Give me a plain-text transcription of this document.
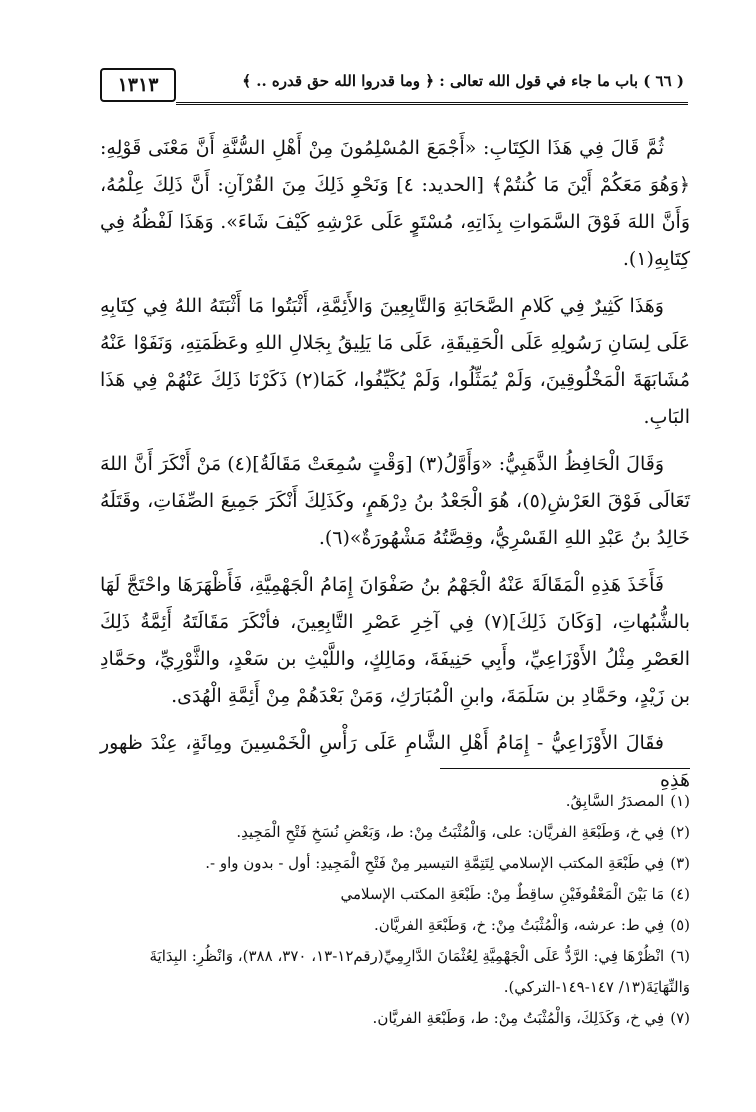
( ٦٦ ) باب ما جاء في قول الله تعالى : ﴿ وما قدروا الله حق قدره .. ﴾
١٣١٣

ثُمَّ قَالَ فِي هَذَا الكِتَابِ: «أَجْمَعَ المُسْلِمُونَ مِنْ أَهْلِ السُّنَّةِ أَنَّ مَعْنَى قَوْلِهِ: ﴿وَهُوَ مَعَكُمْ أَيْنَ مَا كُنتُمْ﴾ [الحديد: ٤] وَنَحْوِ ذَلِكَ مِنَ القُرْآنِ: أَنَّ ذَلِكَ عِلْمُهُ، وَأَنَّ اللهَ فَوْقَ السَّمَواتِ بِذَاتِهِ، مُسْتَوٍ عَلَى عَرْشِهِ كَيْفَ شَاءَ». وَهَذَا لَفْظُهُ فِي كِتَابِهِ(١).

وَهَذَا كَثِيرٌ فِي كَلامِ الصَّحَابَةِ وَالتَّابِعِينَ وَالأَئِمَّةِ، أَثْبَتُوا مَا أَثْبَتَهُ اللهُ فِي كِتَابِهِ عَلَى لِسَانِ رَسُولِهِ عَلَى الْحَقِيقَةِ، عَلَى مَا يَلِيقُ بِجَلالِ اللهِ وعَظَمَتِهِ، وَنَفَوْا عَنْهُ مُشَابَهَةَ الْمَخْلُوقِينَ، وَلَمْ يُمَثِّلُوا، وَلَمْ يُكَيِّفُوا، كَمَا(٢) ذَكَرْنَا ذَلِكَ عَنْهُمْ فِي هَذَا البَابِ.

وَقَالَ الْحَافِظُ الذَّهَبِيُّ: «وَأَوَّلُ(٣) [وَقْتٍ سُمِعَتْ مَقَالَةُ](٤) مَنْ أَنْكَرَ أَنَّ اللهَ تَعَالَى فَوْقَ العَرْشِ(٥)، هُوَ الْجَعْدُ بنُ دِرْهَمٍ، وكَذَلِكَ أَنْكَرَ جَمِيعَ الصِّفَاتِ، وقَتَلَهُ خَالِدُ بنُ عَبْدِ اللهِ القَسْرِيُّ، وقِصَّتُهُ مَشْهُورَةٌ»(٦).

فَأَخَذَ هَذِهِ الْمَقَالَةَ عَنْهُ الْجَهْمُ بنُ صَفْوَانَ إِمَامُ الْجَهْمِيَّةِ، فَأَظْهَرَهَا واحْتَجَّ لَهَا بالشُّبُهاتِ، [وَكَانَ ذَلِكَ](٧) فِي آخِرِ عَصْرِ التَّابِعِينَ، فأنْكَرَ مَقَالَتَهُ أَئِمَّةُ ذَلِكَ العَصْرِ مِثْلُ الأَوْزَاعِيِّ، وأَبِي حَنِيفَةَ، ومَالِكٍ، واللَّيْثِ بن سَعْدٍ، والثَّوْرِيِّ، وحَمَّادِ بن زَيْدٍ، وحَمَّادِ بن سَلَمَةَ، وابنِ الْمُبَارَكِ، وَمَنْ بَعْدَهُمْ مِنْ أَئِمَّةِ الْهُدَى.

فقَالَ الأَوْزَاعِيُّ - إِمَامُ أَهْلِ الشَّامِ عَلَى رَأْسِ الْخَمْسِينَ ومِائَةٍ، عِنْدَ ظهور هَذِهِ

(١)المصدَرُ السَّابِقُ.

(٢)فِي خ، وَطَبْعَةِ الفريَّان: على، وَالْمُثْبَتُ مِنْ: ط، وَبَعْضِ نُسَخِ فَتْحِ الْمَجِيدِ.

(٣)فِي طَبْعَةِ المكتب الإسلامي لِتَتِمَّةِ التيسير مِنْ فَتْحِ الْمَجِيدِ: أول - بدون واو -.

(٤)مَا بَيْنَ الْمَعْقُوفَيْنِ ساقِطٌ مِنْ: طَبْعَةِ المكتب الإسلامي

(٥)فِي ط: عرشه، وَالْمُثْبَتُ مِنْ: خ، وَطَبْعَةِ الفريَّان.

(٦)انْظُرْهَا فِي: الرَّدُّ عَلَى الْجَهْمِيَّةِ لِعُثْمَانَ الدَّارِمِيِّ(رقم١٢-١٣، ٣٧٠، ٣٨٨)، وَانْظُرِ: البِدَايَةَ وَالنِّهَايَةَ(١٣/ ١٤٧-١٤٩-التركي).

(٧)فِي خ، وَكَذَلِكَ، وَالْمُثْبَتُ مِنْ: ط، وَطَبْعَةِ الفريَّان.
